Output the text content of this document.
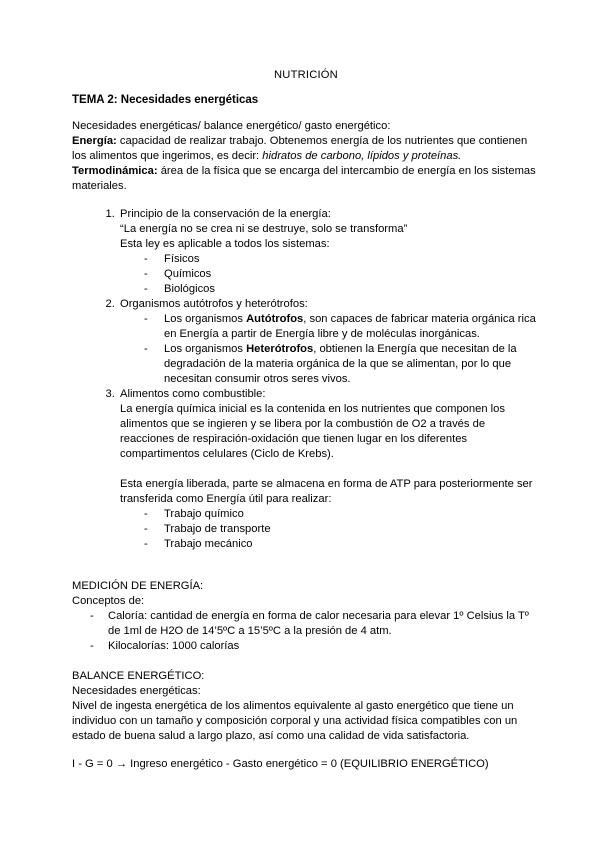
NUTRICIÓN
TEMA 2: Necesidades energéticas

Necesidades energéticas/ balance energético/ gasto energético:

Energía: capacidad de realizar trabajo. Obtenemos energía de los nutrientes que contienen los alimentos que ingerimos, es decir: hidratos de carbono, lípidos y proteínas.

Termodinámica: área de la física que se encarga del intercambio de energía en los sistemas materiales.

1. Principio de la conservación de la energía:
“La energía no se crea ni se destruye, solo se transforma”
Esta ley es aplicable a todos los sistemas:
- Físicos
- Químicos
- Biológicos
2. Organismos autótrofos y heterótrofos:
- Los organismos Autótrofos, son capaces de fabricar materia orgánica rica en Energía a partir de Energía libre y de moléculas inorgánicas.
- Los organismos Heterótrofos, obtienen la Energía que necesitan de la degradación de la materia orgánica de la que se alimentan, por lo que necesitan consumir otros seres vivos.
3. Alimentos como combustible:
La energía química inicial es la contenida en los nutrientes que componen los alimentos que se ingieren y se libera por la combustión de O2 a través de reacciones de respiración-oxidación que tienen lugar en los diferentes compartimentos celulares (Ciclo de Krebs).
Esta energía liberada, parte se almacena en forma de ATP para posteriormente ser transferida como Energía útil para realizar:
- Trabajo químico
- Trabajo de transporte
- Trabajo mecánico

MEDICIÓN DE ENERGÍA:

Conceptos de:

- Caloría: cantidad de energía en forma de calor necesaria para elevar 1º Celsius la Tº de 1ml de H2O de 14’5ºC a 15’5ºC a la presión de 4 atm.
- Kilocalorías: 1000 calorías

BALANCE ENERGÉTICO:

Necesidades energéticas:

Nivel de ingesta energética de los alimentos equivalente al gasto energético que tiene un individuo con un tamaño y composición corporal y una actividad física compatibles con un estado de buena salud a largo plazo, así como una calidad de vida satisfactoria.

I - G = 0 → Ingreso energético - Gasto energético = 0 (EQUILIBRIO ENERGÉTICO)
